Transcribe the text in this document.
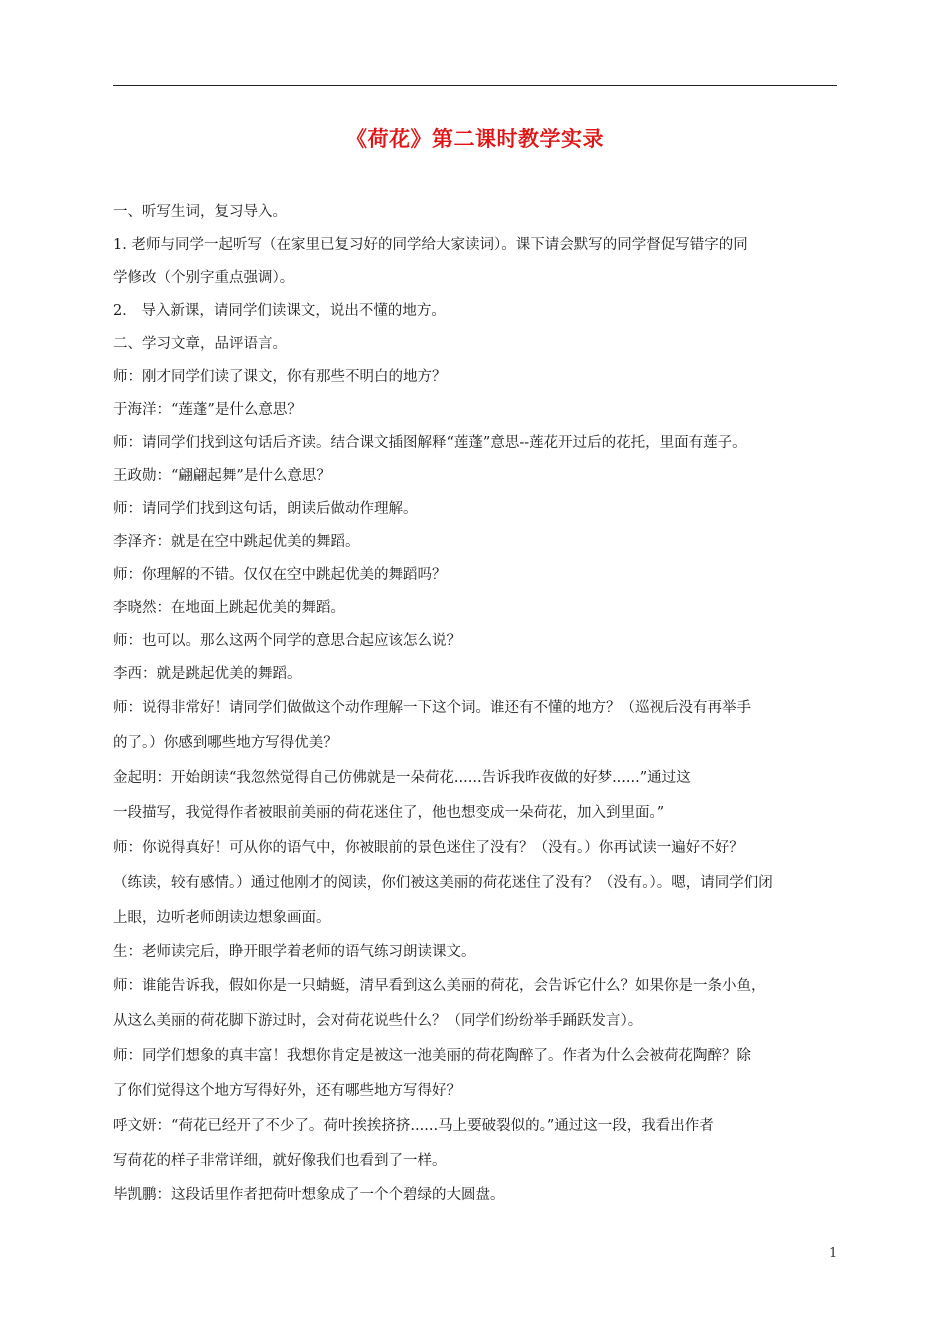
《荷花》第二课时教学实录
一、听写生词，复习导入。
1. 老师与同学一起听写（在家里已复习好的同学给大家读词）。课下请会默写的同学督促写错字的同
学修改（个别字重点强调）。
2． 导入新课，请同学们读课文，说出不懂的地方。
二、学习文章，品评语言。
师：刚才同学们读了课文，你有那些不明白的地方？
于海洋：“莲蓬”是什么意思？
师：请同学们找到这句话后齐读。结合课文插图解释“莲蓬”意思--莲花开过后的花托，里面有莲子。
王政勋：“翩翩起舞”是什么意思？
师：请同学们找到这句话，朗读后做动作理解。
李泽齐：就是在空中跳起优美的舞蹈。
师：你理解的不错。仅仅在空中跳起优美的舞蹈吗？
李晓然：在地面上跳起优美的舞蹈。
师：也可以。那么这两个同学的意思合起应该怎么说？
李西：就是跳起优美的舞蹈。
师：说得非常好！请同学们做做这个动作理解一下这个词。谁还有不懂的地方？（巡视后没有再举手
的了。）你感到哪些地方写得优美？
金起明：开始朗读“我忽然觉得自己仿佛就是一朵荷花......告诉我昨夜做的好梦......”通过这
一段描写，我觉得作者被眼前美丽的荷花迷住了，他也想变成一朵荷花，加入到里面。”
师：你说得真好！可从你的语气中，你被眼前的景色迷住了没有？（没有。）你再试读一遍好不好？
（练读，较有感情。）通过他刚才的阅读，你们被这美丽的荷花迷住了没有？（没有。）。嗯，请同学们闭
上眼，边听老师朗读边想象画面。
生：老师读完后，睁开眼学着老师的语气练习朗读课文。
师：谁能告诉我，假如你是一只蜻蜓，清早看到这么美丽的荷花，会告诉它什么？如果你是一条小鱼，
从这么美丽的荷花脚下游过时，会对荷花说些什么？（同学们纷纷举手踊跃发言）。
师：同学们想象的真丰富！我想你肯定是被这一池美丽的荷花陶醉了。作者为什么会被荷花陶醉？除
了你们觉得这个地方写得好外，还有哪些地方写得好？
呼文妍：“荷花已经开了不少了。荷叶挨挨挤挤......马上要破裂似的。”通过这一段，我看出作者
写荷花的样子非常详细，就好像我们也看到了一样。
毕凯鹏：这段话里作者把荷叶想象成了一个个碧绿的大圆盘。
1
